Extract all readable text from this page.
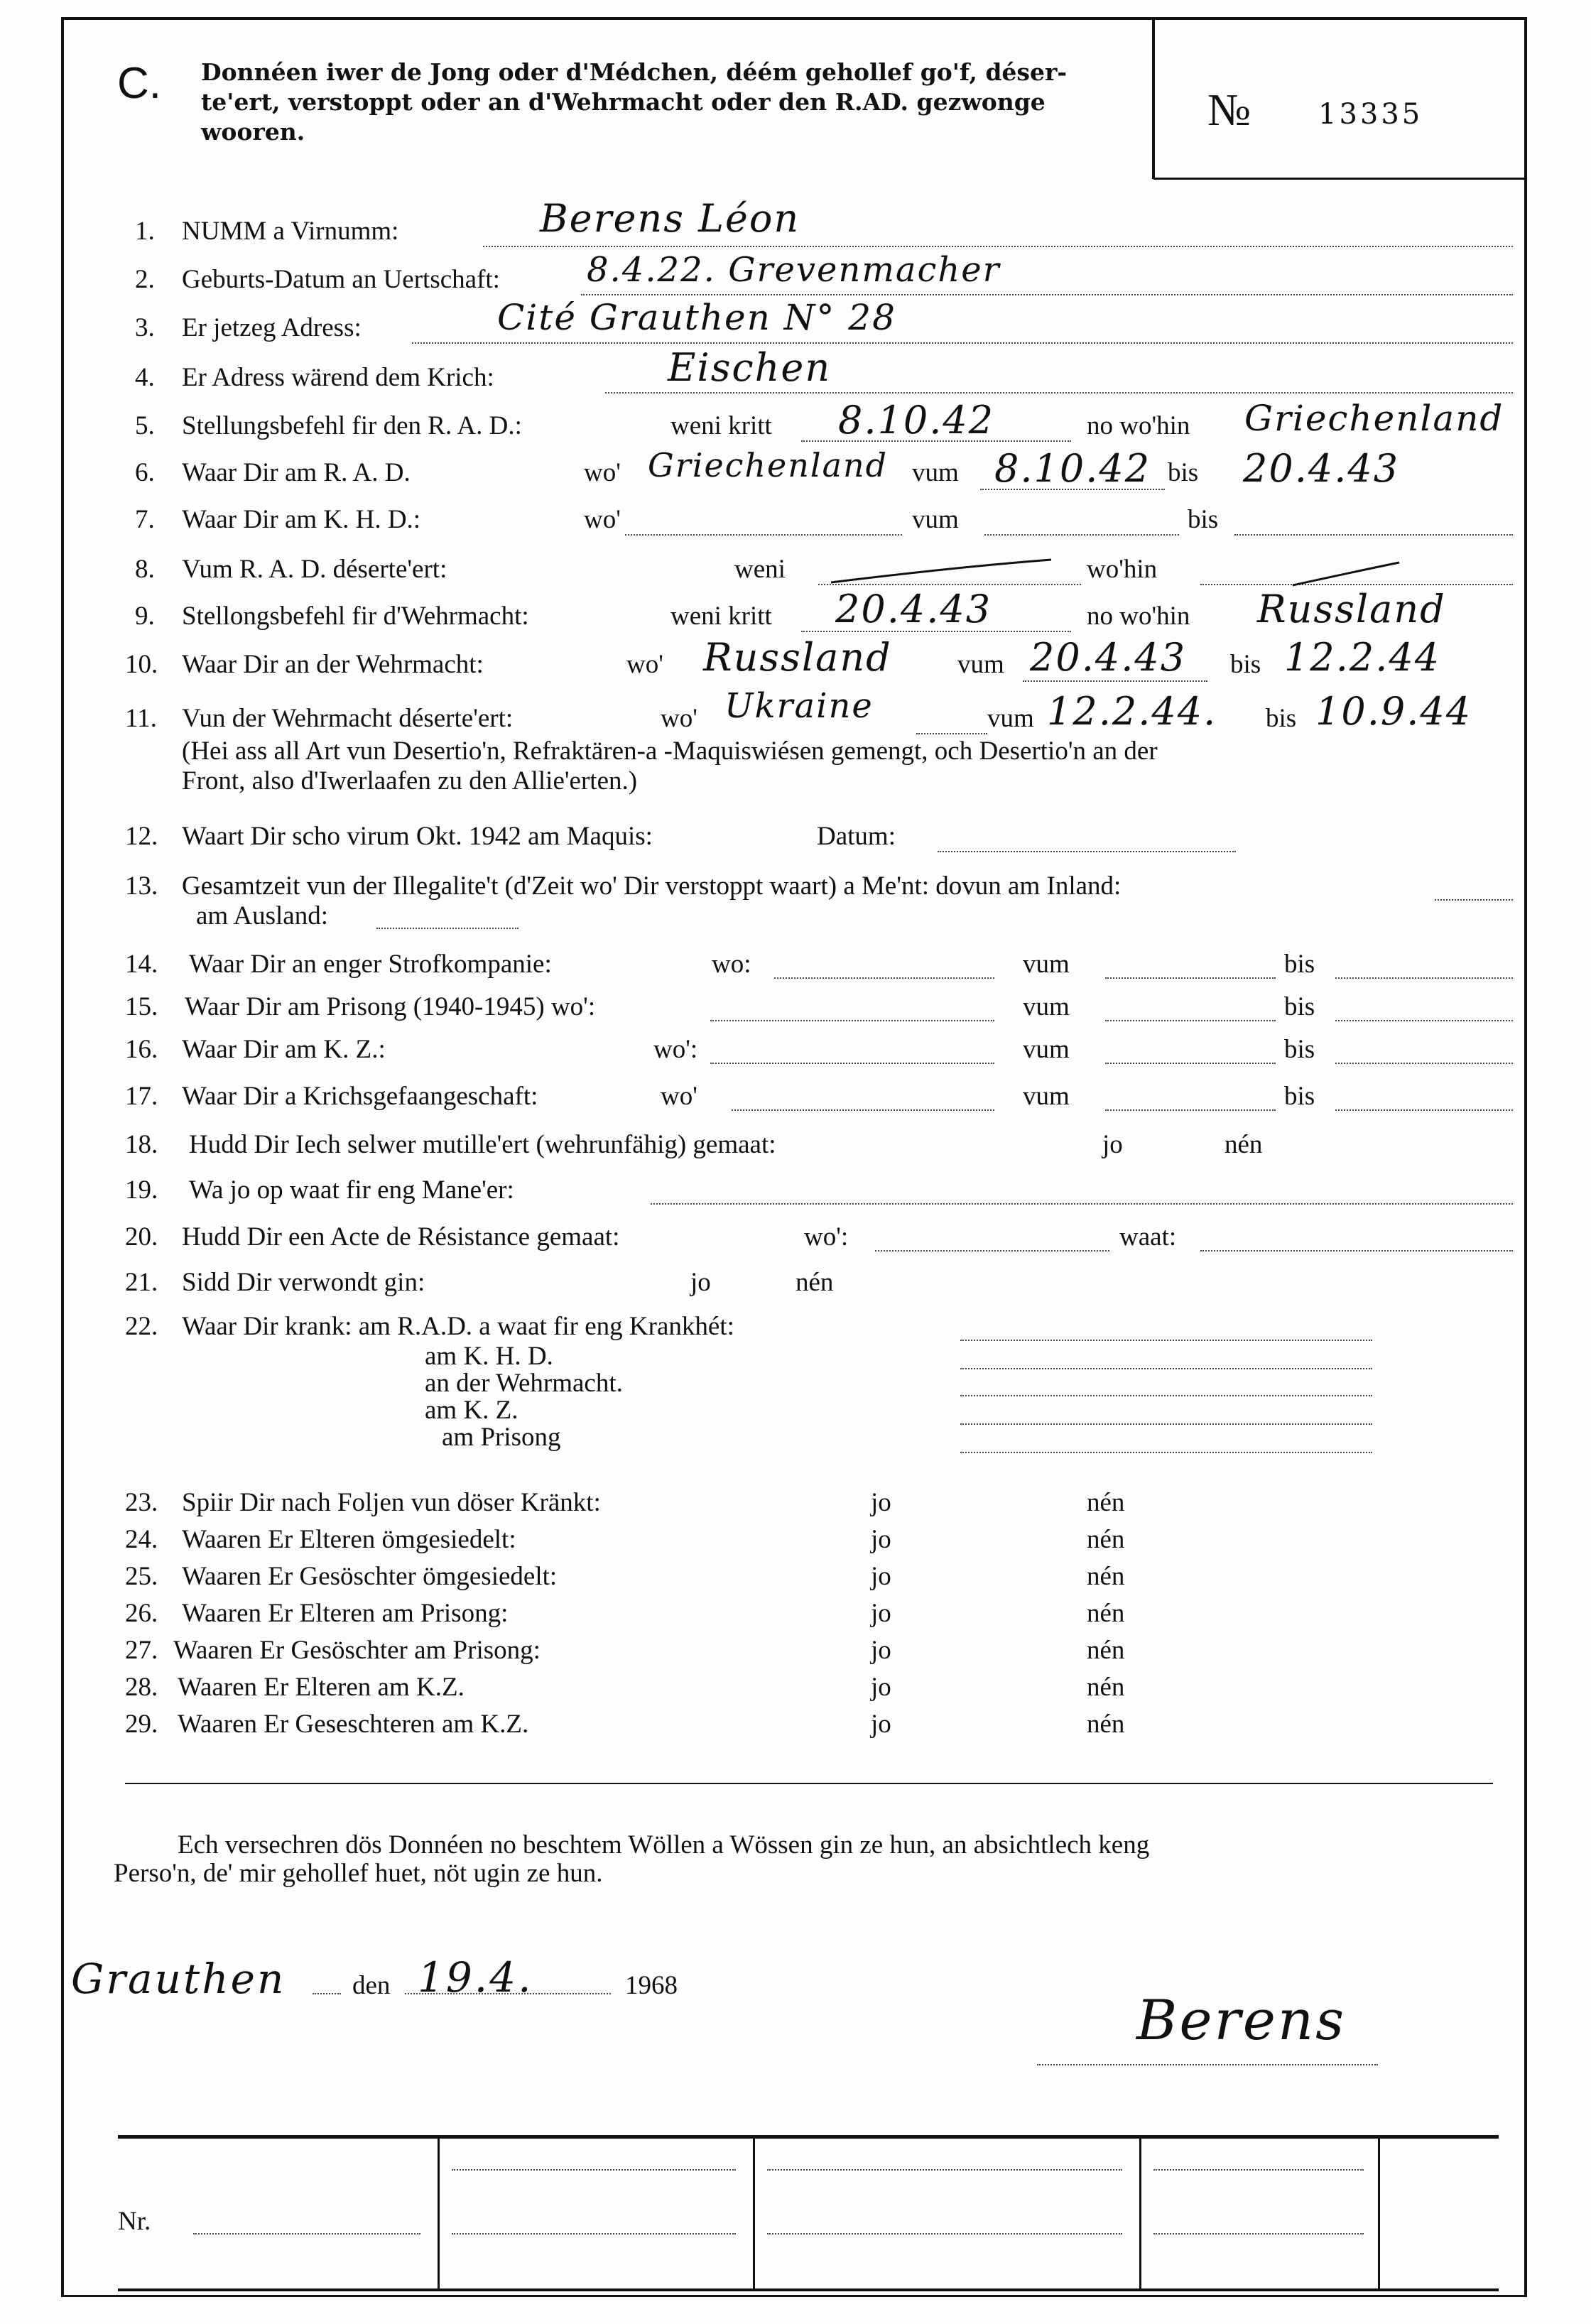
C. Donnéen iwer de Jong oder d'Médchen, déém gehollef go'f, déser-
te'ert, verstoppt oder an d'Wehrmacht oder den R.AD. gezwonge
wooren.	№ 13335
1. NUMM a Virnumm:	Berens Léon
2. Geburts-Datum an Uertschaft:	8.4.22. Grevenmacher
3. Er jetzeg Adress:	Cité Grauthen N° 28
4. Er Adress wärend dem Krich:	Eischen
5. Stellungsbefehl fir den R. A. D.:	weni kritt 8.10.42	no wo'hin Griechenland
6. Waar Dir am R. A. D.	wo' Griechenland vum 8.10.42 bis 20.4.43
7. Waar Dir am K. H. D.:	wo'	vum	bis
8. Vum R. A. D. déserte'ert:	weni	wo'hin
9. Stellongsbefehl fir d'Wehrmacht:	weni kritt 20.4.43	no wo'hin Russland
10. Waar Dir an der Wehrmacht:	wo' Russland vum 20.4.43 bis 12.2.44
11. Vun der Wehrmacht déserte'ert:	wo' Ukraine	vum 12.2.44. bis 10.9.44
(Hei ass all Art vun Desertio'n, Refraktären-a -Maquiswiésen gemengt, och Desertio'n an der
Front, also d'Iwerlaafen zu den Allie'erten.)
12. Waart Dir scho virum Okt. 1942 am Maquis:	Datum:
13. Gesamtzeit vun der Illegalite't (d'Zeit wo' Dir verstoppt waart) a Me'nt: dovun am Inland:
am Ausland:
14. Waar Dir an enger Strofkompanie:	wo:	vum	bis
15. Waar Dir am Prisong (1940-1945) wo':	vum	bis
16. Waar Dir am K. Z.:	wo':	vum	bis
17. Waar Dir a Krichsgefaangeschaft:	wo'	vum	bis
18. Hudd Dir Iech selwer mutille'ert (wehrunfähig) gemaat:	jo	nén
19. Wa jo op waat fir eng Mane'er:
20. Hudd Dir een Acte de Résistance gemaat:	wo':	waat:
21. Sidd Dir verwondt gin:	jo	nén
22. Waar Dir krank: am R.A.D. a waat fir eng Krankhét:
am K. H. D.
an der Wehrmacht.
am K. Z.
am Prisong
23. Spiir Dir nach Foljen vun döser Kränkt:	jo	nén
24. Waaren Er Elteren ömgesiedelt:	jo	nén
25. Waaren Er Gesöschter ömgesiedelt:	jo	nén
26. Waaren Er Elteren am Prisong:	jo	nén
27. Waaren Er Gesöschter am Prisong:	jo	nén
28. Waaren Er Elteren am K.Z.	jo	nén
29. Waaren Er Geseschteren am K.Z.	jo	nén
Ech versechren dös Donnéen no beschtem Wöllen a Wössen gin ze hun, an absichtlech keng
Perso'n, de' mir gehollef huet, nöt ugin ze hun.
Grauthen	den 19.4.	1968
Berens
Nr.
